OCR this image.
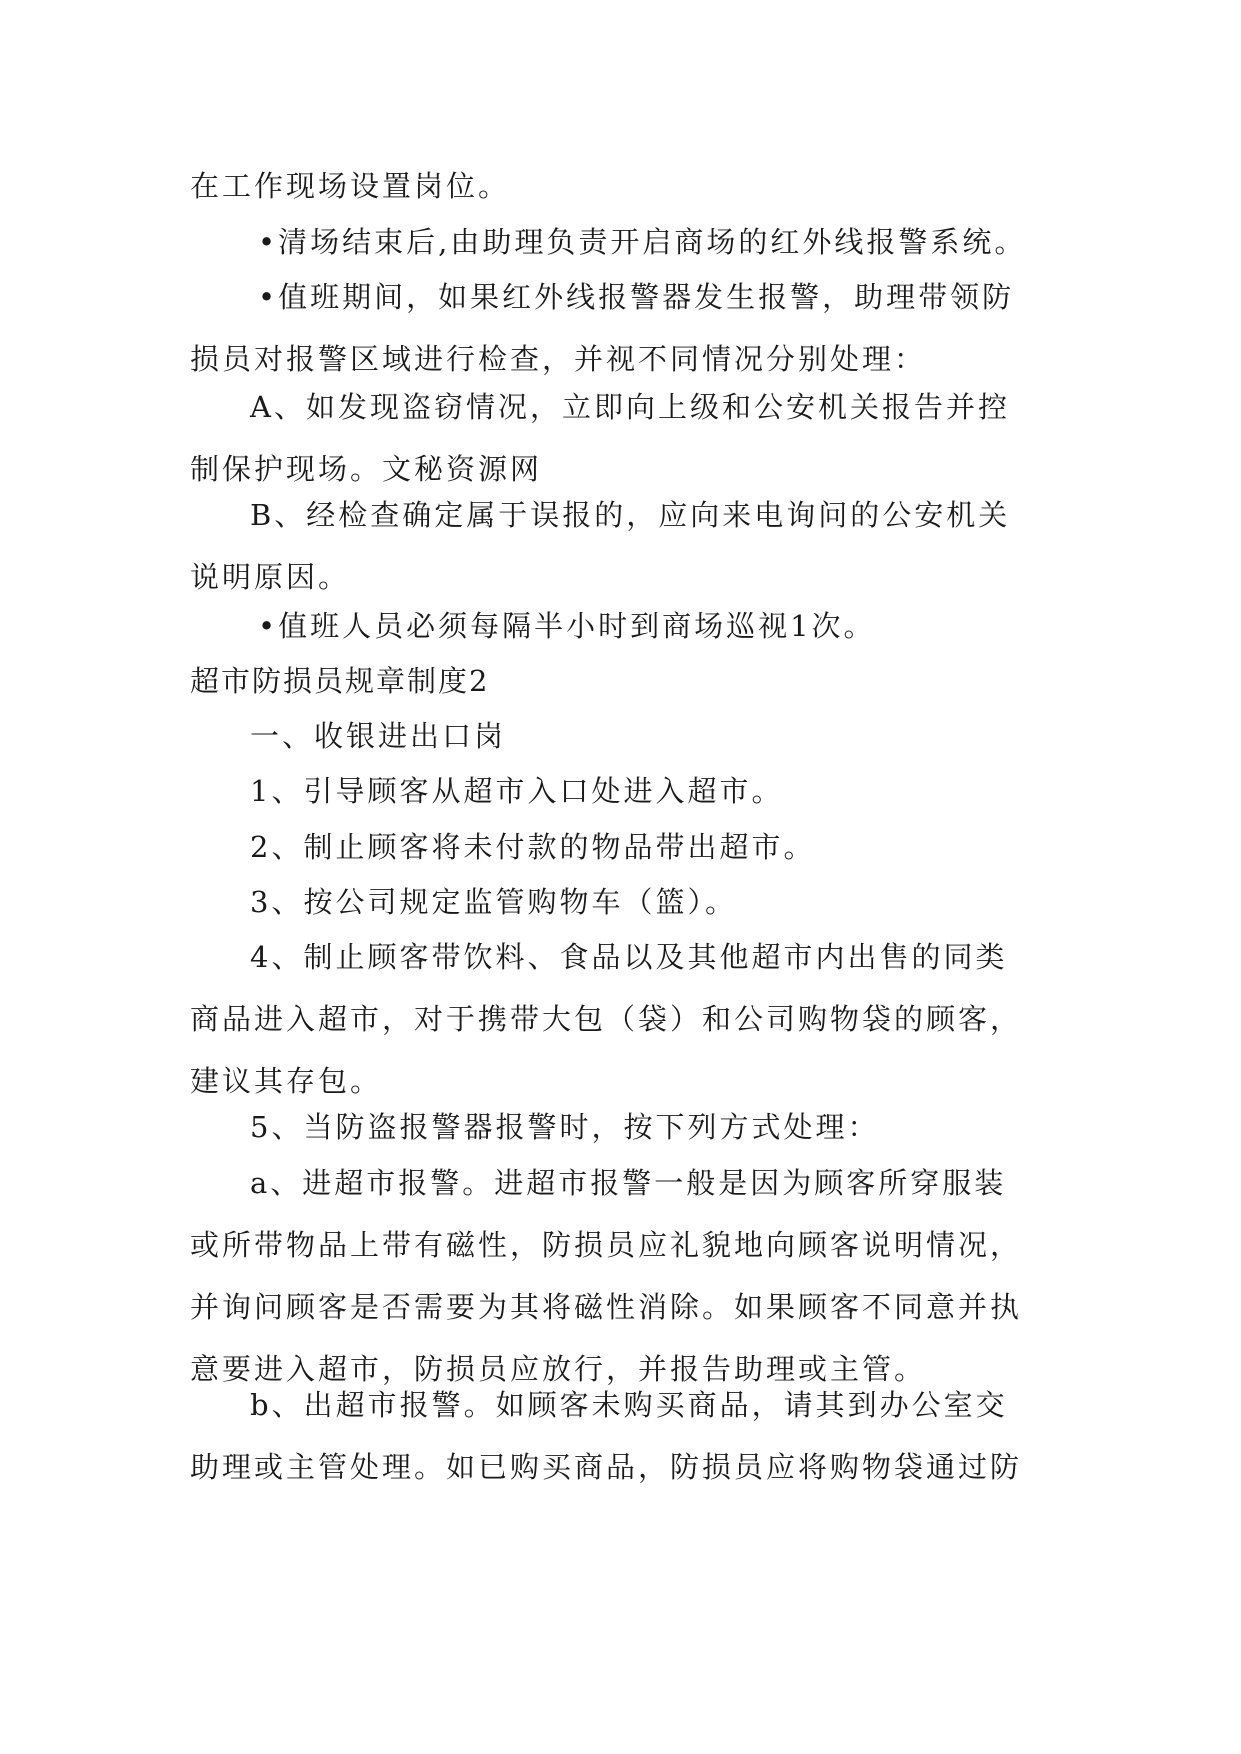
在工作现场设置岗位。

•清场结束后,由助理负责开启商场的红外线报警系统。

•值班期间，如果红外线报警器发生报警，助理带领防
损员对报警区域进行检查，并视不同情况分别处理：

A、如发现盗窃情况，立即向上级和公安机关报告并控
制保护现场。文秘资源网

B、经检查确定属于误报的，应向来电询问的公安机关
说明原因。

•值班人员必须每隔半小时到商场巡视1次。

超市防损员规章制度2

一、收银进出口岗

1、引导顾客从超市入口处进入超市。

2、制止顾客将未付款的物品带出超市。

3、按公司规定监管购物车（篮）。

4、制止顾客带饮料、食品以及其他超市内出售的同类
商品进入超市，对于携带大包（袋）和公司购物袋的顾客，
建议其存包。

5、当防盗报警器报警时，按下列方式处理：

a、进超市报警。进超市报警一般是因为顾客所穿服装
或所带物品上带有磁性，防损员应礼貌地向顾客说明情况，
并询问顾客是否需要为其将磁性消除。如果顾客不同意并执
意要进入超市，防损员应放行，并报告助理或主管。

b、出超市报警。如顾客未购买商品，请其到办公室交
助理或主管处理。如已购买商品，防损员应将购物袋通过防
